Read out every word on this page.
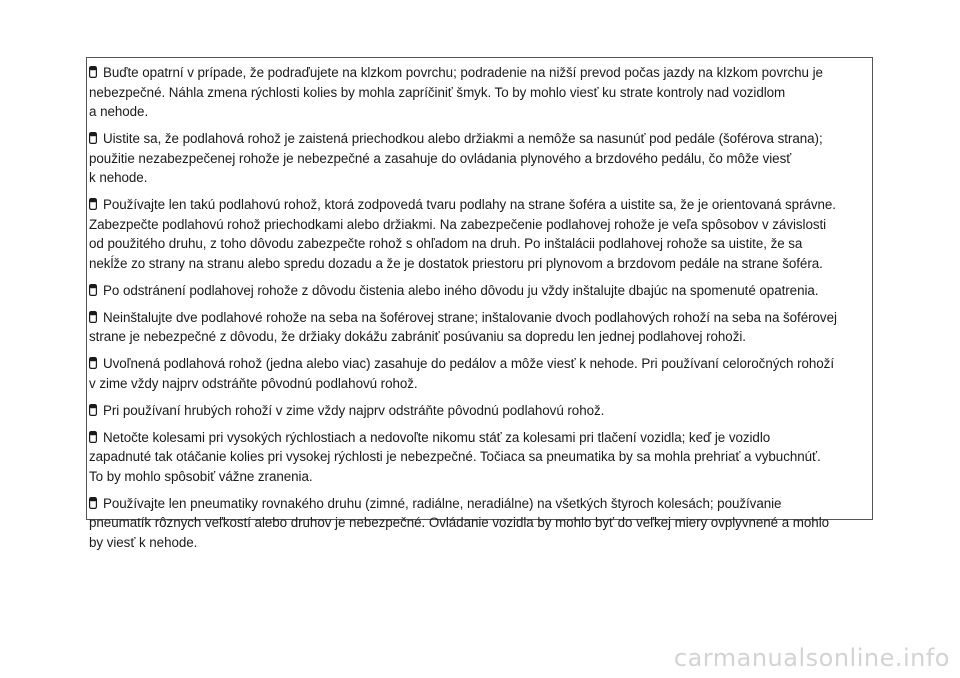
Buďte opatrní v prípade, že podraďujete na klzkom povrchu; podradenie na nižší prevod počas jazdy na klzkom povrchu je
nebezpečné. Náhla zmena rýchlosti kolies by mohla zapríčiniť šmyk. To by mohlo viesť ku strate kontroly nad vozidlom
a nehode.

Uistite sa, že podlahová rohož je zaistená priechodkou alebo držiakmi a nemôže sa nasunúť pod pedále (šoférova strana);
použitie nezabezpečenej rohože je nebezpečné a zasahuje do ovládania plynového a brzdového pedálu, čo môže viesť
k nehode.

Používajte len takú podlahovú rohož, ktorá zodpovedá tvaru podlahy na strane šoféra a uistite sa, že je orientovaná správne.
Zabezpečte podlahovú rohož priechodkami alebo držiakmi. Na zabezpečenie podlahovej rohože je veľa spôsobov v závislosti
od použitého druhu, z toho dôvodu zabezpečte rohož s ohľadom na druh. Po inštalácii podlahovej rohože sa uistite, že sa
nekĺže zo strany na stranu alebo spredu dozadu a že je dostatok priestoru pri plynovom a brzdovom pedále na strane šoféra.

Po odstránení podlahovej rohože z dôvodu čistenia alebo iného dôvodu ju vždy inštalujte dbajúc na spomenuté opatrenia.

Neinštalujte dve podlahové rohože na seba na šoférovej strane; inštalovanie dvoch podlahových rohoží na seba na šoférovej
strane je nebezpečné z dôvodu, že držiaky dokážu zabrániť posúvaniu sa dopredu len jednej podlahovej rohoži.

Uvoľnená podlahová rohož (jedna alebo viac) zasahuje do pedálov a môže viesť k nehode. Pri používaní celoročných rohoží
v zime vždy najprv odstráňte pôvodnú podlahovú rohož.

Pri používaní hrubých rohoží v zime vždy najprv odstráňte pôvodnú podlahovú rohož.

Netočte kolesami pri vysokých rýchlostiach a nedovoľte nikomu stáť za kolesami pri tlačení vozidla; keď je vozidlo
zapadnuté tak otáčanie kolies pri vysokej rýchlosti je nebezpečné. Točiaca sa pneumatika by sa mohla prehriať a vybuchnúť.
To by mohlo spôsobiť vážne zranenia.

Používajte len pneumatiky rovnakého druhu (zimné, radiálne, neradiálne) na všetkých štyroch kolesách; používanie
pneumatík rôznych veľkostí alebo druhov je nebezpečné. Ovládanie vozidla by mohlo byť do veľkej miery ovplyvnené a mohlo
by viesť k nehode.

carmanualsonline.info
